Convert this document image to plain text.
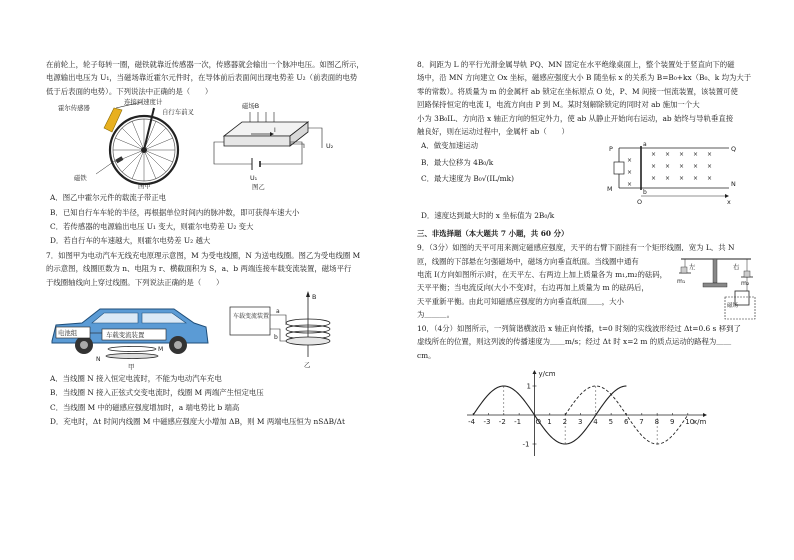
在前轮上，轮子每转一圈，磁铁就靠近传感器一次，传感器就会输出一个脉冲电压。如图乙所示，

电源输出电压为 U₁，当磁场靠近霍尔元件时，在导体前后表面间出现电势差 U₂（前表面的电势

低于后表面的电势）。下列说法中正确的是（　　）

霍尔传感器
连接到速度计
自行车前叉
磁铁
图甲
磁场B
I
U₂
U₁
图乙

A．图乙中霍尔元件的载流子带正电

B．已知自行车车轮的半径，再根据单位时间内的脉冲数，即可获得车速大小

C．若传感器的电源输出电压 U₁ 变大，则霍尔电势差 U₂ 变大

D．若自行车的车速越大，则霍尔电势差 U₂ 越大

7．如图甲为电动汽车无线充电原理示意图，M 为受电线圈，N 为送电线圈。图乙为受电线圈 M

的示意图，线圈匝数为 n、电阻为 r、横截面积为 S，a、b 两端连接车载变流装置，磁场平行

于线圈轴线向上穿过线圈。下列说法正确的是（　　）

电池组	车载变流装置
M
N
甲
车载变流装置
B
a
b
乙

A．当线圈 N 接入恒定电流时，不能为电动汽车充电

B．当线圈 N 接入正弦式交变电流时，线圈 M 两端产生恒定电压

C．当线圈 M 中的磁感应强度增加时，a 端电势比 b 端高

D．充电时，Δt 时间内线圈 M 中磁感应强度大小增加 ΔB，则 M 两端电压恒为 nSΔB/Δt

8．间距为 L 的平行光滑金属导轨 PQ、MN 固定在水平绝缘桌面上，整个装置处于竖直向下的磁

场中，沿 MN 方向建立 Ox 坐标，磁感应强度大小 B 随坐标 x 的关系为 B=B₀+kx（B₀、k 均为大于

零的常数）。将质量为 m 的金属杆 ab 锁定在坐标原点 O 处，P、M 间接一恒流装置，该装置可使

回路保持恒定的电流 I，电流方向由 P 到 M。某时刻解除锁定的同时对 ab 施加一个大

小为 3B₀IL、方向沿 x 轴正方向的恒定外力，使 ab 从静止开始向右运动，ab 始终与导轨垂直接

触良好，则在运动过程中，金属杆 ab（　　）

A．做变加速运动

B．最大位移为 4B₀/k

C．最大速度为 B₀√(IL/mk)

×
×
×
× × × × ×
× × × × ×
× × × × ×
P	Q
M
N
a
b
O	x

D．速度达到最大时的 x 坐标值为 2B₀/k

三、非选择题（本大题共 7 小题，共 60 分）

9．（3分）如图的天平可用来测定磁感应强度，天平的右臂下面挂有一个矩形线圈，宽为 L，共 N

匝，线圈的下部悬在匀强磁场中，磁场方向垂直纸面。当线圈中通有

电流 I(方向如图所示)时，在天平左、右两边上加上质量各为 m₁,m₂的砝码，

天平平衡；当电流反向(大小不变)时，右边再加上质量为 m 的砝码后，

天平重新平衡。由此可知磁感应强度的方向垂直纸面＿＿，大小

为＿＿＿。

左	右
m₁	m₂
磁场

10．（4分）如图所示，一列简谐横波沿 x 轴正向传播，t=0 时刻的实线波形经过 Δt=0.6 s 移到了

虚线所在的位置，则这列波的传播速度为＿＿m/s；经过 Δt 时 x=2 m 的质点运动的路程为＿＿

cm。

1
-1
-4 -3 -2 -1	1 2 3 4 5 6 7 8 9 10
y/cm
x/m
O
